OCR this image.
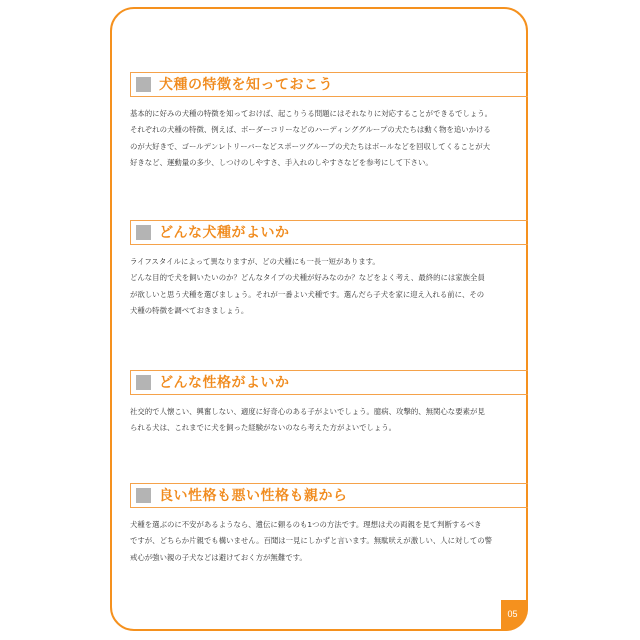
犬種の特徴を知っておこう

基本的に好みの犬種の特徴を知っておけば、起こりうる問題にはそれなりに対応することができるでしょう。

それぞれの犬種の特徴、例えば、ボーダーコリーなどのハーディンググループの犬たちは動く物を追いかける

のが大好きで、ゴールデンレトリーバーなどスポーツグループの犬たちはボールなどを回収してくることが大

好きなど、運動量の多少、しつけのしやすさ、手入れのしやすさなどを参考にして下さい。

どんな犬種がよいか

ライフスタイルによって異なりますが、どの犬種にも一長一短があります。

どんな目的で犬を飼いたいのか？どんなタイプの犬種が好みなのか？などをよく考え、最終的には家族全員

が欲しいと思う犬種を選びましょう。それが一番よい犬種です。選んだら子犬を家に迎え入れる前に、その

犬種の特徴を調べておきましょう。

どんな性格がよいか

社交的で人懐こい、興奮しない、適度に好奇心のある子がよいでしょう。臆病、攻撃的、無関心な要素が見

られる犬は、これまでに犬を飼った経験がないのなら考えた方がよいでしょう。

良い性格も悪い性格も親から

犬種を選ぶのに不安があるようなら、遺伝に頼るのも1つの方法です。理想は犬の両親を見て判断するべき

ですが、どちらか片親でも構いません。百聞は一見にしかずと言います。無駄吠えが激しい、人に対しての警

戒心が強い親の子犬などは避けておく方が無難です。

05
